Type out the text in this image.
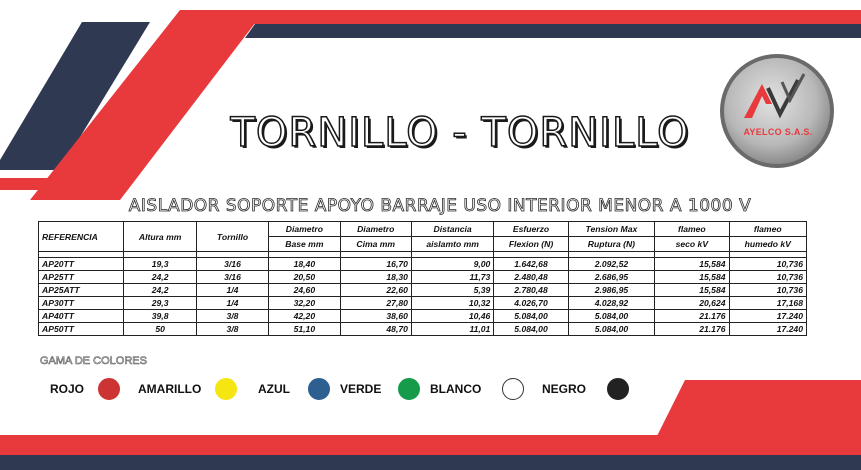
AYELCO S.A.S.
TORNILLO - TORNILLO
AISLADOR SOPORTE APOYO BARRAJE USO INTERIOR MENOR A 1000 V
REFERENCIA	Altura mm	Tornillo	Diametro	Diametro	Distancia	Esfuerzo	Tension Max	flameo	flameo
			Base mm	Cima mm	aislamto mm	Flexion (N)	Ruptura (N)	seco kV	humedo kV

AP20TT	19,3	3/16	18,40	16,70	9,00	1.642,68	2.092,52	15,584	10,736
AP25TT	24,2	3/16	20,50	18,30	11,73	2.480,48	2.686,95	15,584	10,736
AP25ATT	24,2	1/4	24,60	22,60	5,39	2.780,48	2.986,95	15,584	10,736
AP30TT	29,3	1/4	32,20	27,80	10,32	4.026,70	4.028,92	20,624	17,168
AP40TT	39,8	3/8	42,20	38,60	10,46	5.084,00	5.084,00	21.176	17.240
AP50TT	50	3/8	51,10	48,70	11,01	5.084,00	5.084,00	21.176	17.240
GAMA DE COLORES
ROJO	AMARILLO	AZUL	VERDE	BLANCO	NEGRO
